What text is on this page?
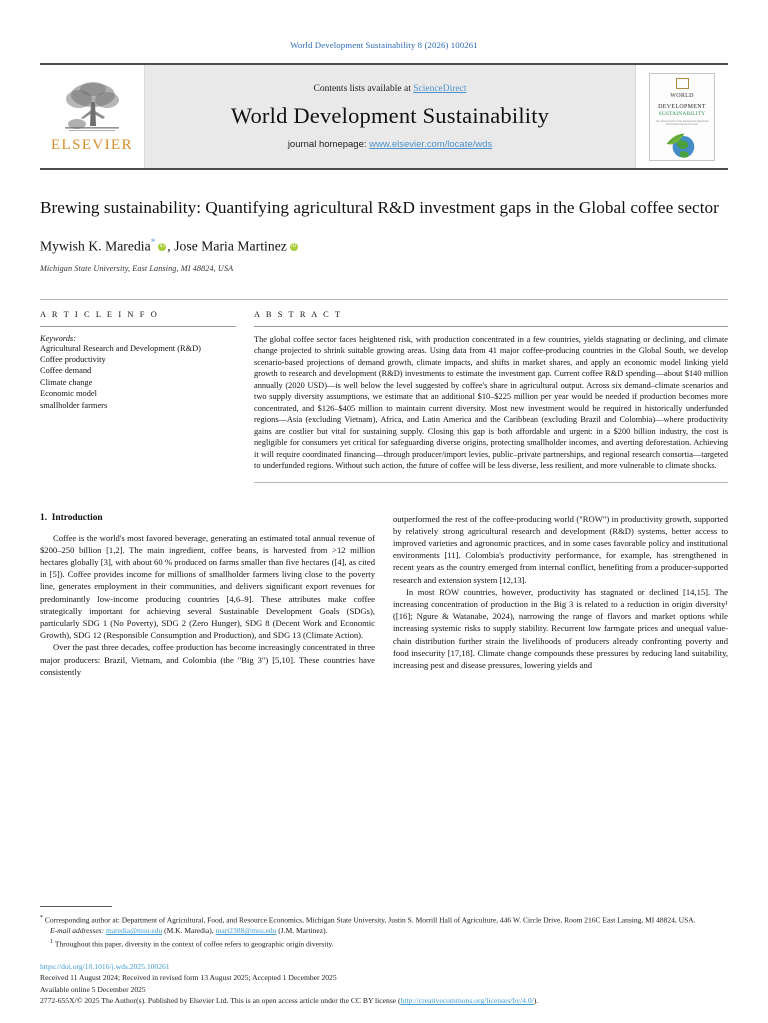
World Development Sustainability 8 (2026) 100261
ELSEVIER
Contents lists available at ScienceDirect
World Development Sustainability
journal homepage: www.elsevier.com/locate/wds
WORLD
DEVELOPMENT
SUSTAINABILITY
The official journal of the International Sustainable Development Research Society
Brewing sustainability: Quantifying agricultural R&D investment gaps in the Global coffee sector
Mywish K. Maredia* iD , Jose Maria MartineziD
Michigan State University, East Lansing, MI 48824, USA
A R T I C L E I N F O
Keywords:
Agricultural Research and Development (R&D)
Coffee productivity
Coffee demand
Climate change
Economic model
smallholder farmers
A B S T R A C T
The global coffee sector faces heightened risk, with production concentrated in a few countries, yields stagnating or declining, and climate change projected to shrink suitable growing areas. Using data from 41 major coffee-producing countries in the Global South, we develop scenario-based projections of demand growth, climate impacts, and shifts in market shares, and apply an economic model linking yield growth to research and development (R&D) investments to estimate the investment gap. Current coffee R&D spending—about $140 million annually (2020 USD)—is well below the level suggested by coffee's share in agricultural output. Across six demand–climate scenarios and two supply diversity assumptions, we estimate that an additional $10–$225 million per year would be needed if production becomes more concentrated, and $126–$405 million to maintain current diversity. Most new investment would be required in historically underfunded regions—Asia (excluding Vietnam), Africa, and Latin America and the Caribbean (excluding Brazil and Colombia)—where productivity gains are costlier but vital for sustaining supply. Closing this gap is both affordable and urgent: in a $200 billion industry, the cost is negligible for consumers yet critical for safeguarding diverse origins, protecting smallholder incomes, and averting deforestation. Achieving it will require coordinated financing—through producer/import levies, public–private partnerships, and regional research consortia—targeted to underfunded regions. Without such action, the future of coffee will be less diverse, less resilient, and more vulnerable to climate shocks.
1. Introduction

Coffee is the world's most favored beverage, generating an estimated total annual revenue of $200–250 billion [1,2]. The main ingredient, coffee beans, is harvested from >12 million hectares globally [3], with about 60 % produced on farms smaller than five hectares ([4], as cited in [5]). Coffee provides income for millions of smallholder farmers living close to the poverty line, generates employment in their communities, and delivers significant export revenues for predominantly low-income producing countries [4,6–9]. These attributes make coffee strategically important for achieving several Sustainable Development Goals (SDGs), particularly SDG 1 (No Poverty), SDG 2 (Zero Hunger), SDG 8 (Decent Work and Economic Growth), SDG 12 (Responsible Consumption and Production), and SDG 13 (Climate Action).

Over the past three decades, coffee production has become increasingly concentrated in three major producers: Brazil, Vietnam, and Colombia (the "Big 3") [5,10]. These countries have consistently

outperformed the rest of the coffee-producing world ("ROW") in productivity growth, supported by relatively strong agricultural research and development (R&D) systems, better access to improved varieties and agronomic practices, and in some cases favorable policy and institutional environments [11]. Colombia's productivity performance, for example, has strengthened in recent years as the country emerged from internal conflict, benefiting from a producer-supported research and extension system [12,13].

In most ROW countries, however, productivity has stagnated or declined [14,15]. The increasing concentration of production in the Big 3 is related to a reduction in origin diversity¹ ([16]; Ngure & Watanabe, 2024), narrowing the range of flavors and market options while increasing systemic risks to supply stability. Recurrent low farmgate prices and unequal value-chain distribution further strain the livelihoods of producers already confronting poverty and food insecurity [17,18]. Climate change compounds these pressures by reducing land suitability, increasing pest and disease pressures, lowering yields and

* Corresponding author at: Department of Agricultural, Food, and Resource Economics, Michigan State University, Justin S. Morrill Hall of Agriculture, 446 W. Circle Drive, Room 216C East Lansing, MI 48824, USA.
E-mail addresses: maredia@msu.edu (M.K. Maredia), mart2388@msu.edu (J.M. Martinez).
$^1$ Throughout this paper, diversity in the context of coffee refers to geographic origin diversity.
https://doi.org/10.1016/j.wds.2025.100261
Received 11 August 2024; Received in revised form 13 August 2025; Accepted 1 December 2025
Available online 5 December 2025
2772-655X/© 2025 The Author(s). Published by Elsevier Ltd. This is an open access article under the CC BY license (http://creativecommons.org/licenses/by/4.0/).
